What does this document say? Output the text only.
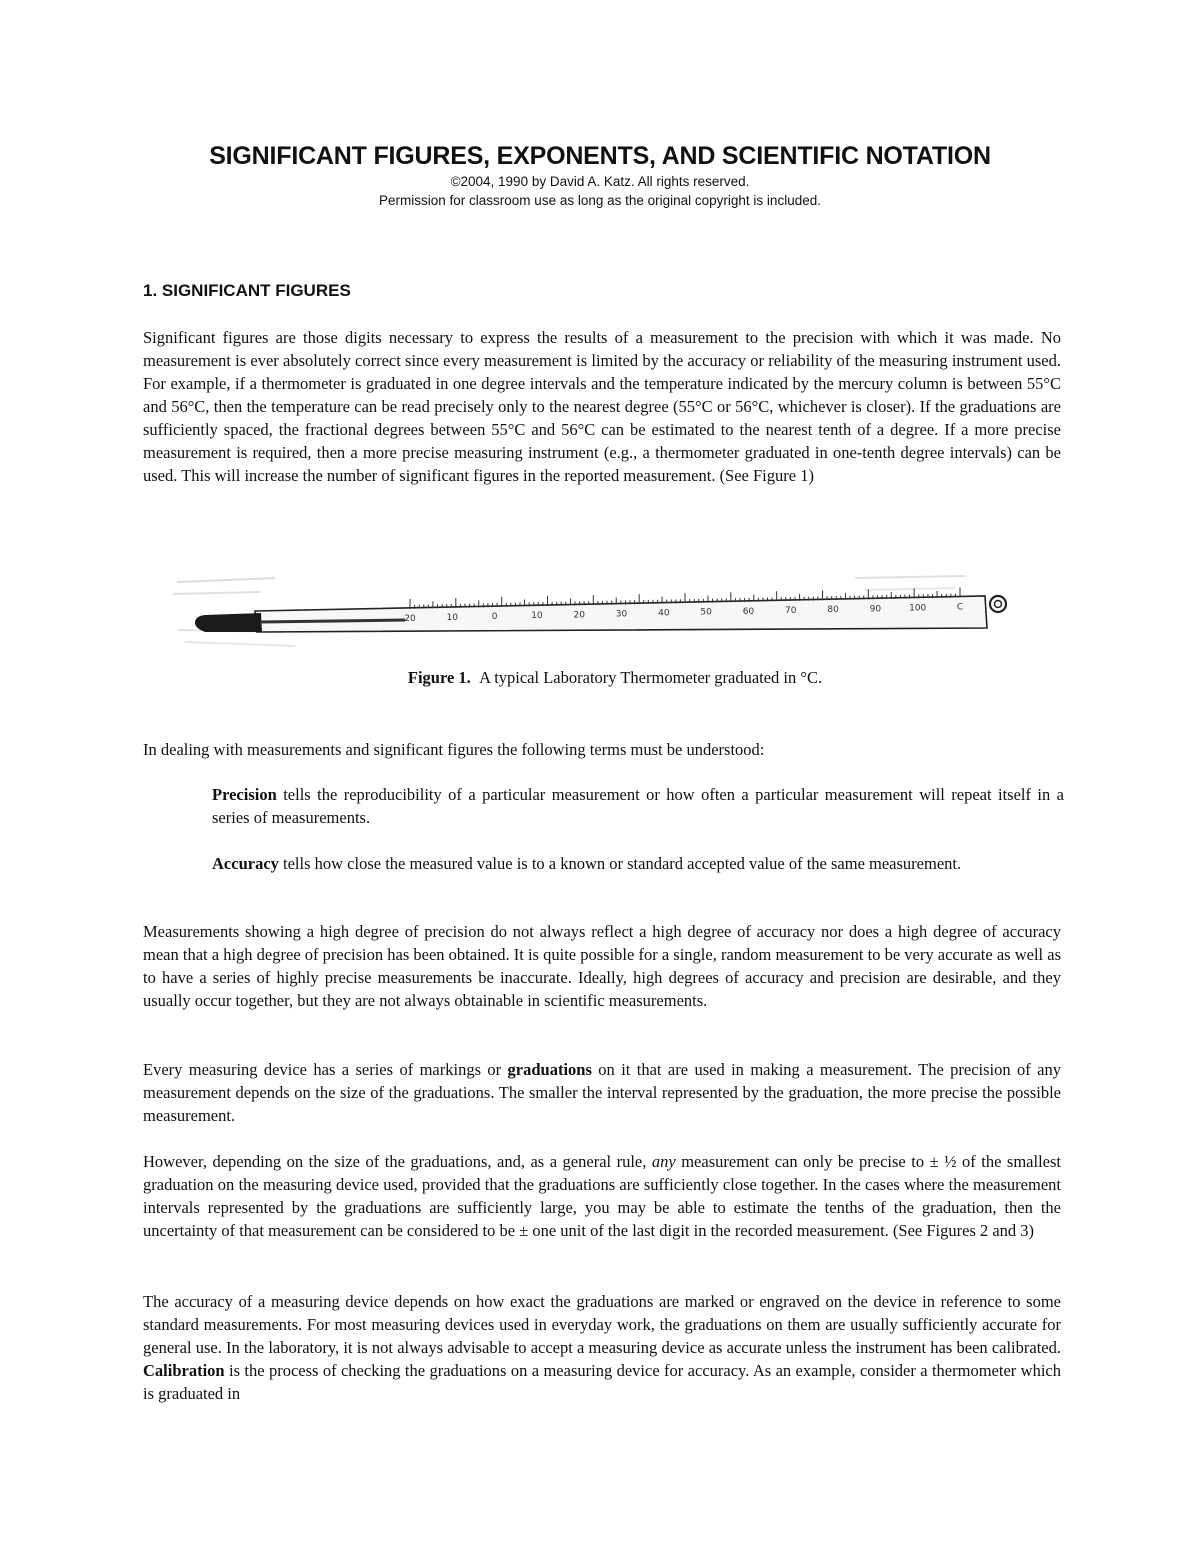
SIGNIFICANT FIGURES, EXPONENTS, AND SCIENTIFIC NOTATION

©2004, 1990 by David A. Katz. All rights reserved.

Permission for classroom use as long as the original copyright is included.

1. SIGNIFICANT FIGURES

Significant figures are those digits necessary to express the results of a measurement to the precision with which it was made. No measurement is ever absolutely correct since every measurement is limited by the accuracy or reliability of the measuring instrument used. For example, if a thermometer is graduated in one degree intervals and the temperature indicated by the mercury column is between 55°C and 56°C, then the temperature can be read precisely only to the nearest degree (55°C or 56°C, whichever is closer). If the graduations are sufficiently spaced, the fractional degrees between 55°C and 56°C can be estimated to the nearest tenth of a degree. If a more precise measurement is required, then a more precise measuring instrument (e.g., a thermometer graduated in one-tenth degree intervals) can be used. This will increase the number of significant figures in the reported measurement. (See Figure 1)

20	10	0	10	20	30	40	50	60	70	80	90	100	C

Figure 1. A typical Laboratory Thermometer graduated in °C.

In dealing with measurements and significant figures the following terms must be understood:

Precision tells the reproducibility of a particular measurement or how often a particular measurement will repeat itself in a series of measurements.

Accuracy tells how close the measured value is to a known or standard accepted value of the same measurement.

Measurements showing a high degree of precision do not always reflect a high degree of accuracy nor does a high degree of accuracy mean that a high degree of precision has been obtained. It is quite possible for a single, random measurement to be very accurate as well as to have a series of highly precise measurements be inaccurate. Ideally, high degrees of accuracy and precision are desirable, and they usually occur together, but they are not always obtainable in scientific measurements.

Every measuring device has a series of markings or graduations on it that are used in making a measurement. The precision of any measurement depends on the size of the graduations. The smaller the interval represented by the graduation, the more precise the possible measurement.

However, depending on the size of the graduations, and, as a general rule, any measurement can only be precise to ± ½ of the smallest graduation on the measuring device used, provided that the graduations are sufficiently close together. In the cases where the measurement intervals represented by the graduations are sufficiently large, you may be able to estimate the tenths of the graduation, then the uncertainty of that measurement can be considered to be ± one unit of the last digit in the recorded measurement. (See Figures 2 and 3)

The accuracy of a measuring device depends on how exact the graduations are marked or engraved on the device in reference to some standard measurements. For most measuring devices used in everyday work, the graduations on them are usually sufficiently accurate for general use. In the laboratory, it is not always advisable to accept a measuring device as accurate unless the instrument has been calibrated. Calibration is the process of checking the graduations on a measuring device for accuracy. As an example, consider a thermometer which is graduated in
